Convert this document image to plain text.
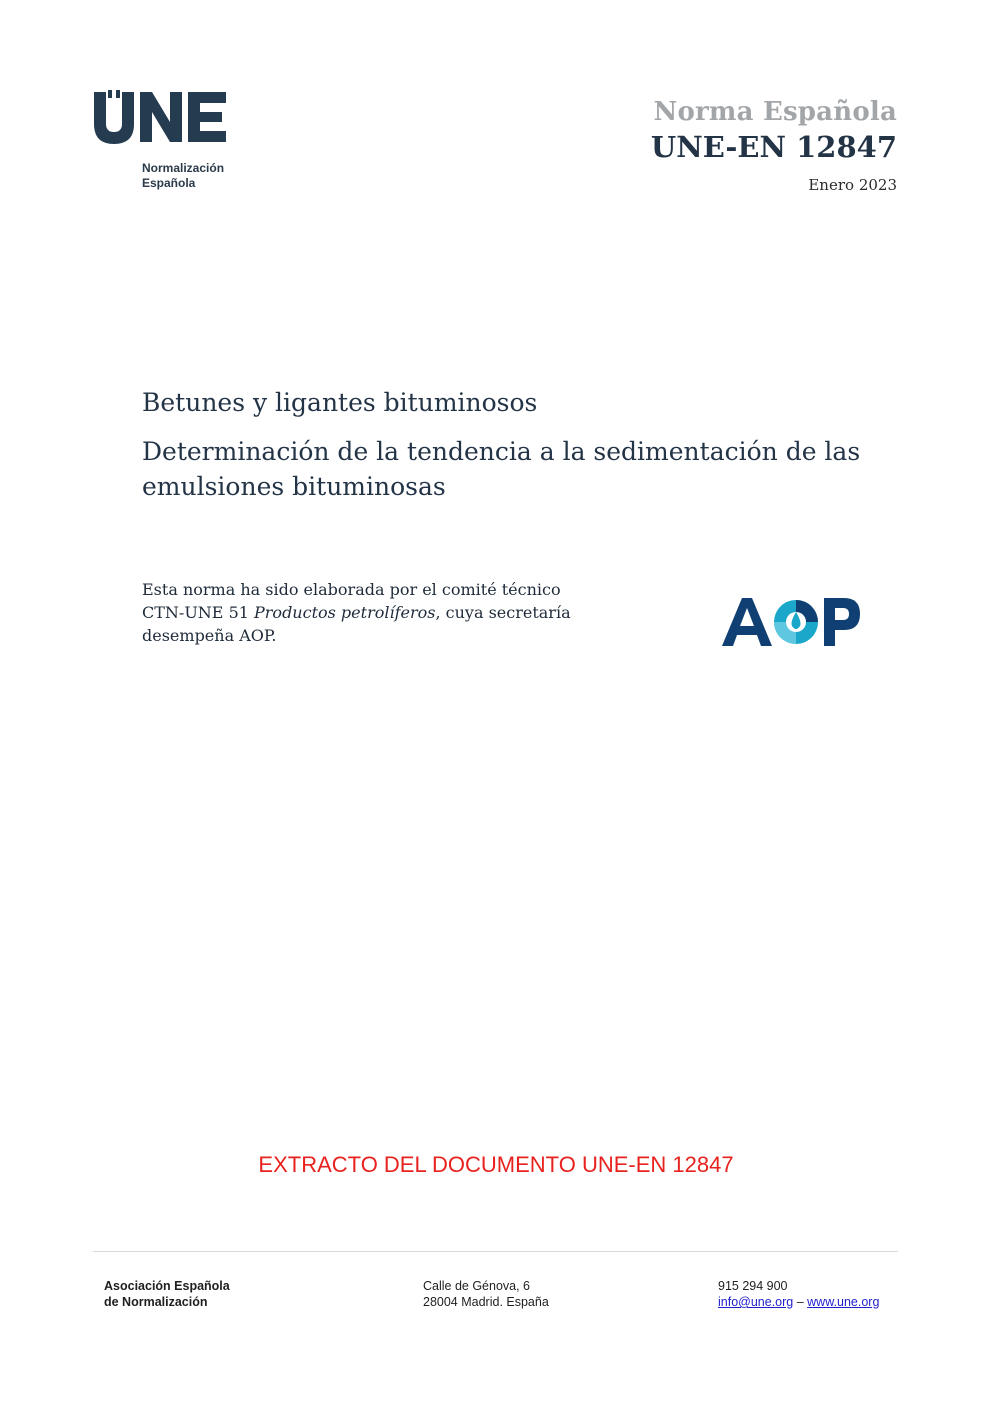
Normalización
Española
Norma Española
UNE-EN 12847
Enero 2023
Betunes y ligantes bituminosos
Determinación de la tendencia a la sedimentación de las
emulsiones bituminosas
Esta norma ha sido elaborada por el comité técnico
CTN-UNE 51 Productos petrolíferos, cuya secretaría
desempeña AOP.
EXTRACTO DEL DOCUMENTO UNE-EN 12847
Asociación Española
de Normalización
Calle de Génova, 6
28004 Madrid. España
915 294 900
info@une.org – www.une.org
